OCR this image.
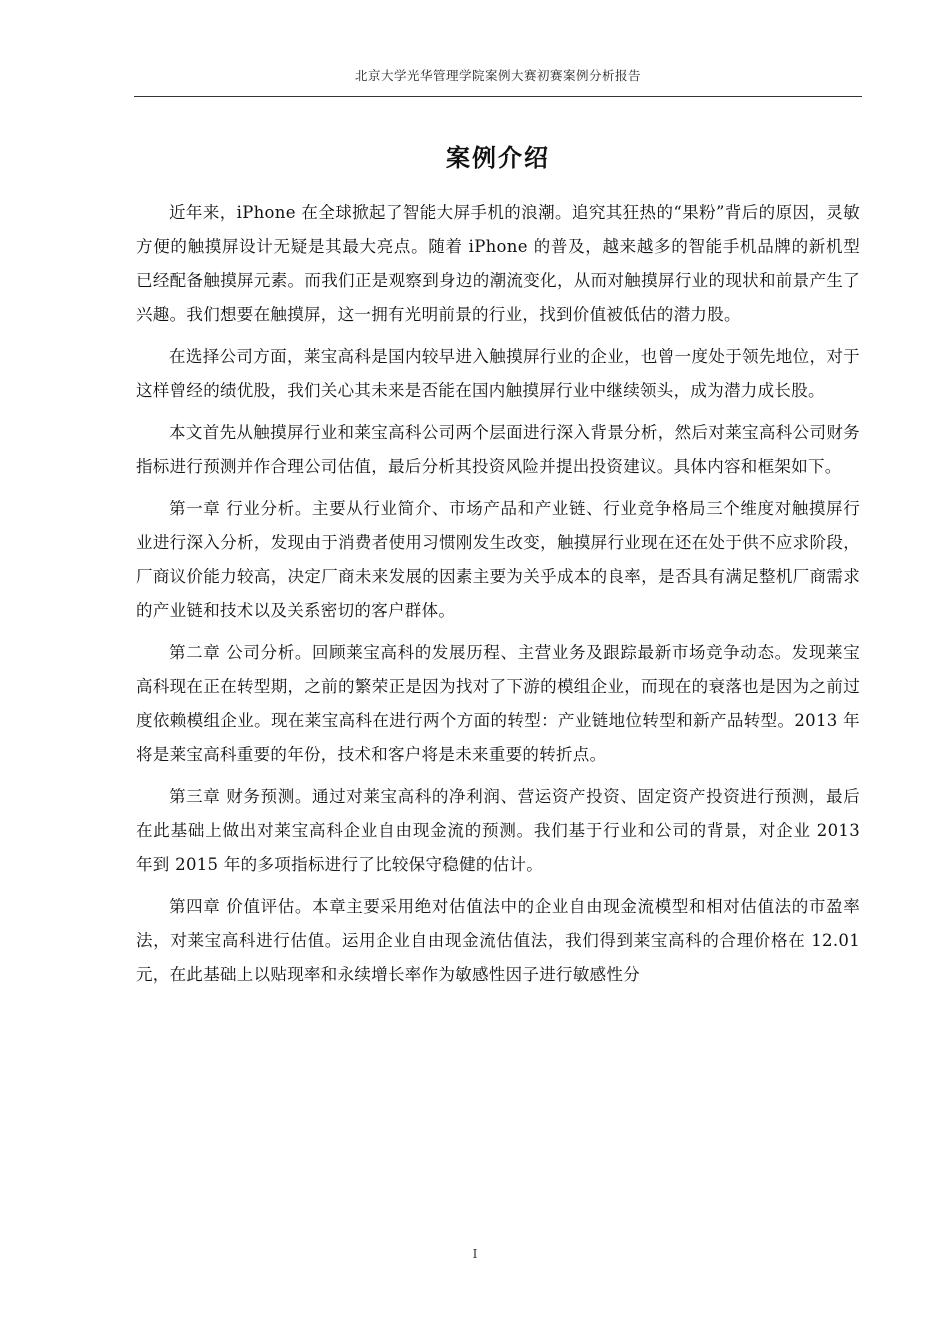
北京大学光华管理学院案例大赛初赛案例分析报告
案例介绍

近年来，iPhone 在全球掀起了智能大屏手机的浪潮。追究其狂热的“果粉”背后的原因，灵敏方便的触摸屏设计无疑是其最大亮点。随着 iPhone 的普及，越来越多的智能手机品牌的新机型已经配备触摸屏元素。而我们正是观察到身边的潮流变化，从而对触摸屏行业的现状和前景产生了兴趣。我们想要在触摸屏，这一拥有光明前景的行业，找到价值被低估的潜力股。

在选择公司方面，莱宝高科是国内较早进入触摸屏行业的企业，也曾一度处于领先地位，对于这样曾经的绩优股，我们关心其未来是否能在国内触摸屏行业中继续领头，成为潜力成长股。

本文首先从触摸屏行业和莱宝高科公司两个层面进行深入背景分析，然后对莱宝高科公司财务指标进行预测并作合理公司估值，最后分析其投资风险并提出投资建议。具体内容和框架如下。

第一章 行业分析。主要从行业简介、市场产品和产业链、行业竞争格局三个维度对触摸屏行业进行深入分析，发现由于消费者使用习惯刚发生改变，触摸屏行业现在还在处于供不应求阶段，厂商议价能力较高，决定厂商未来发展的因素主要为关乎成本的良率，是否具有满足整机厂商需求的产业链和技术以及关系密切的客户群体。

第二章 公司分析。回顾莱宝高科的发展历程、主营业务及跟踪最新市场竞争动态。发现莱宝高科现在正在转型期，之前的繁荣正是因为找对了下游的模组企业，而现在的衰落也是因为之前过度依赖模组企业。现在莱宝高科在进行两个方面的转型：产业链地位转型和新产品转型。2013 年将是莱宝高科重要的年份，技术和客户将是未来重要的转折点。

第三章 财务预测。通过对莱宝高科的净利润、营运资产投资、固定资产投资进行预测，最后在此基础上做出对莱宝高科企业自由现金流的预测。我们基于行业和公司的背景，对企业 2013 年到 2015 年的多项指标进行了比较保守稳健的估计。

第四章 价值评估。本章主要采用绝对估值法中的企业自由现金流模型和相对估值法的市盈率法，对莱宝高科进行估值。运用企业自由现金流估值法，我们得到莱宝高科的合理价格在 12.01 元，在此基础上以贴现率和永续增长率作为敏感性因子进行敏感性分

I
